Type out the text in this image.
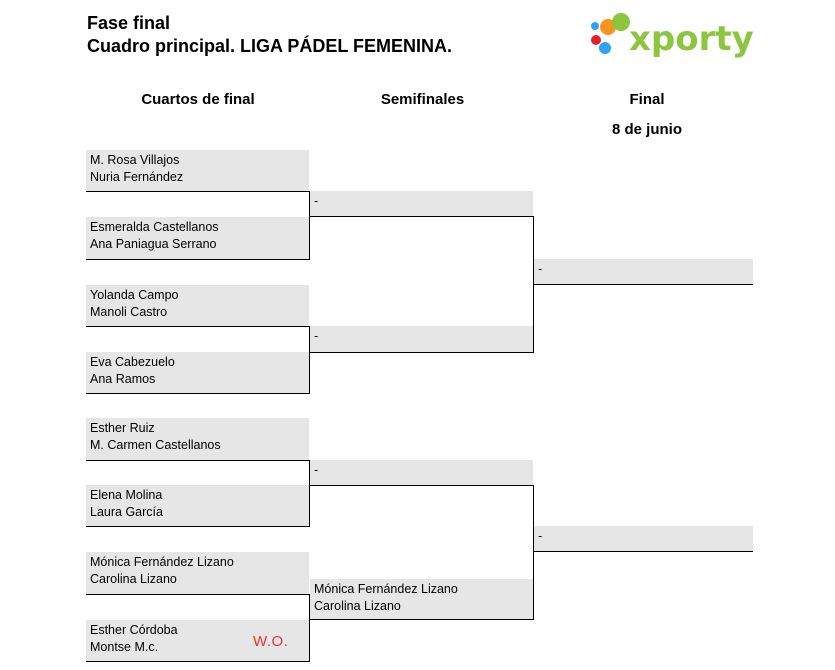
Fase final
Cuadro principal. LIGA PÁDEL FEMENINA.	xporty
Cuartos de final	Semifinales	Final
8 de junio
M. Rosa Villajos
Nuria Fernández
Esmeralda Castellanos
Ana Paniagua Serrano
Yolanda Campo
Manoli Castro
Eva Cabezuelo
Ana Ramos
Esther Ruiz
M. Carmen Castellanos
Elena Molina
Laura García
Mónica Fernández Lizano
Carolina Lizano
Esther Córdoba
Montse M.c.	W.O.
-
-
-
Mónica Fernández Lizano
Carolina Lizano
-
-
